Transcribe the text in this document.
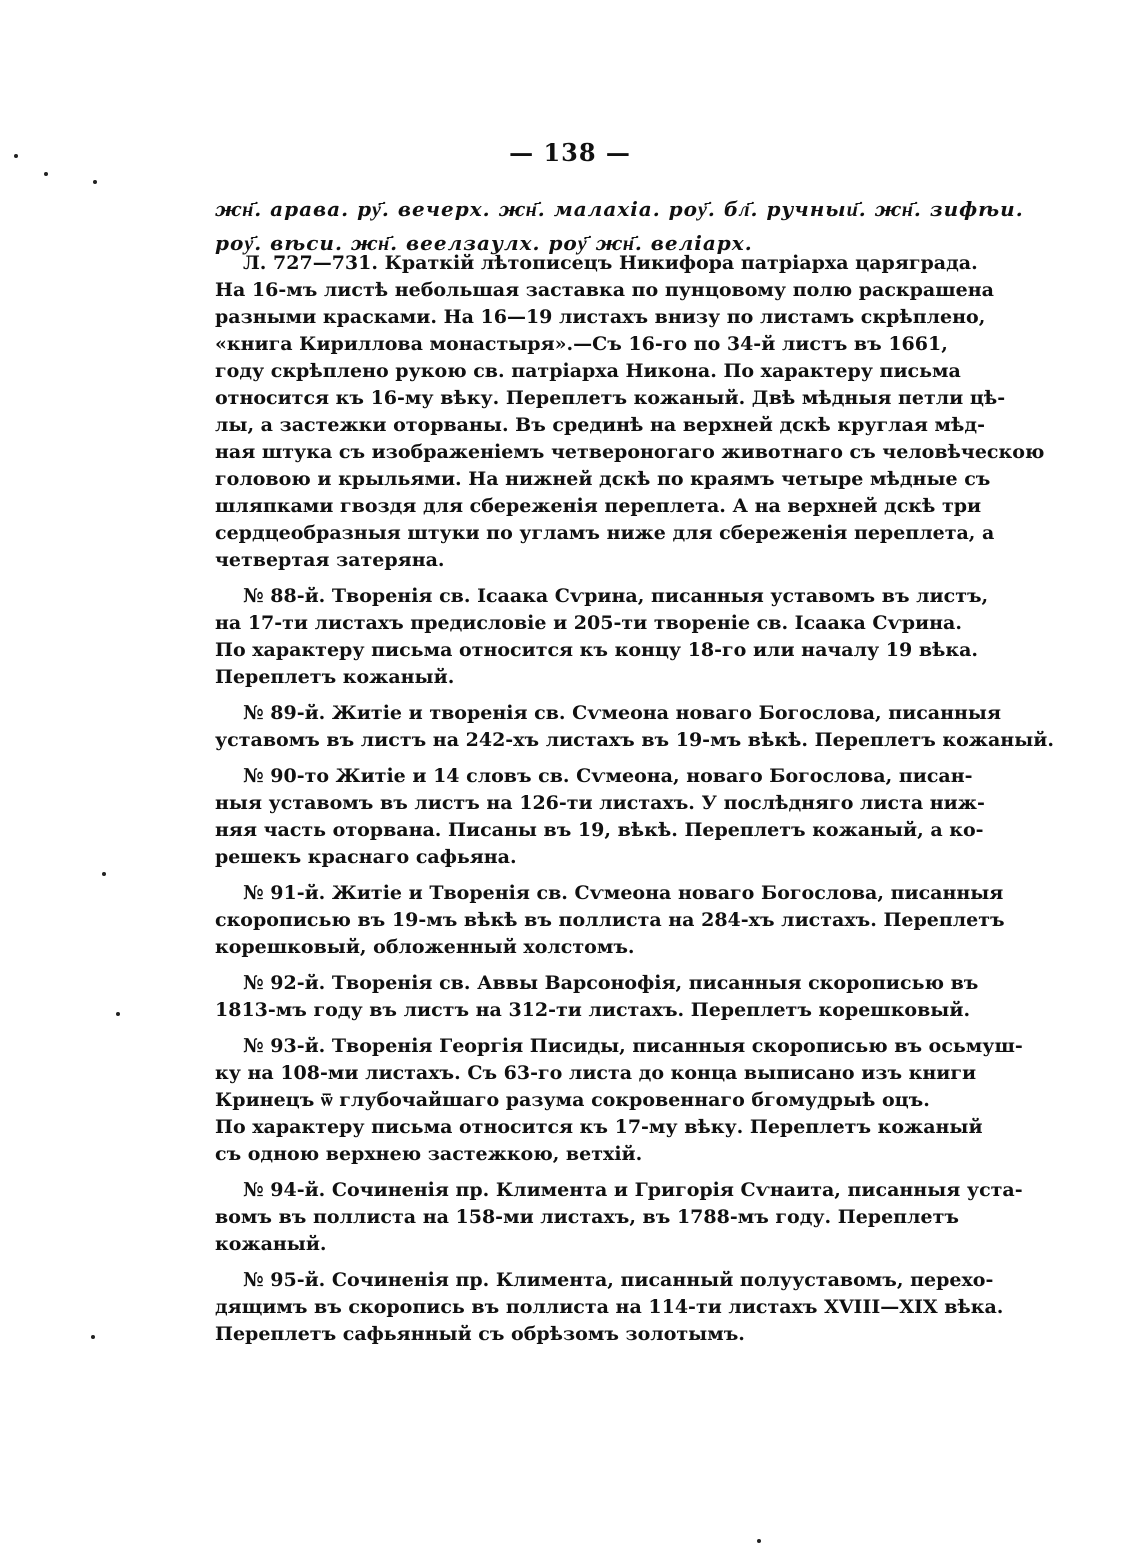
— 138 —
жн҃. арава. ру҃. вечерх. жн҃. малахіа. роу҃. бл҃. ручныи҃. жн҃. зифѣи.
роу҃. вѣси. жн҃. веелзаулх. роу҃ жн҃. велiарх.
Л. 727—731. Краткій лѣтописецъ Никифора патріарха царяграда.
На 16-мъ листѣ небольшая заставка по пунцовому полю раскрашена
разными красками. На 16—19 листахъ внизу по листамъ скрѣплено,
«книга Кириллова монастыря».—Съ 16-го по 34-й листъ въ 1661,
году скрѣплено рукою св. патріарха Никона. По характеру письма
относится къ 16-му вѣку. Переплетъ кожаный. Двѣ мѣдныя петли цѣ-
лы, а застежки оторваны. Въ срединѣ на верхней дскѣ круглая мѣд-
ная штука съ изображеніемъ четвероногаго животнаго съ человѣческою
головою и крыльями. На нижней дскѣ по краямъ четыре мѣдные съ
шляпками гвоздя для сбереженія переплета. А на верхней дскѣ три
сердцеобразныя штуки по угламъ ниже для сбереженія переплета, а
четвертая затеряна.
№ 88-й. Творенія св. Іcаака Сѵрина, писанныя уставомъ въ листъ,
на 17-ти листахъ предисловіе и 205-ти твореніе св. Іcаака Сѵрина.
По характеру письма относится къ концу 18-го или началу 19 вѣка.
Переплетъ кожаный.
№ 89-й. Житіе и творенія св. Сѵмеона новаго Богослова, писанныя
уставомъ въ листъ на 242-хъ листахъ въ 19-мъ вѣкѣ. Переплетъ кожаный.
№ 90-то Житіе и 14 словъ св. Сѵмеона, новаго Богослова, писан-
ныя уставомъ въ листъ на 126-ти листахъ. У послѣдняго листа ниж-
няя часть оторвана. Писаны въ 19, вѣкѣ. Переплетъ кожаный, а ко-
решекъ краснаго сафьяна.
№ 91-й. Житіе и Творенія св. Сѵмеона новаго Богослова, писанныя
скорописью въ 19-мъ вѣкѣ въ поллиста на 284-хъ листахъ. Переплетъ
корешковый, обложенный холстомъ.
№ 92-й. Творенія св. Аввы Варсонофія, писанныя скорописью въ
1813-мъ году въ листъ на 312-ти листахъ. Переплетъ корешковый.
№ 93-й. Творенія Георгія Писиды, писанныя скорописью въ осьмуш-
ку на 108-ми листахъ. Съ 63-го листа до конца выписано изъ книги
Кринецъ ѿ глубочайшаго разума сокровеннаго бгомудрыѣ оцъ.
По характеру письма относится къ 17-му вѣку. Переплетъ кожаный
съ одною верхнею застежкою, ветхій.
№ 94-й. Сочиненія пр. Климента и Григорія Сѵнаита, писанныя уста-
вомъ въ поллиста на 158-ми листахъ, въ 1788-мъ году. Переплетъ
кожаный.
№ 95-й. Сочиненія пр. Климента, писанный полууставомъ, перехо-
дящимъ въ скоропись въ поллиста на 114-ти листахъ XVIII—XIX вѣка.
Переплетъ сафьянный съ обрѣзомъ золотымъ.
